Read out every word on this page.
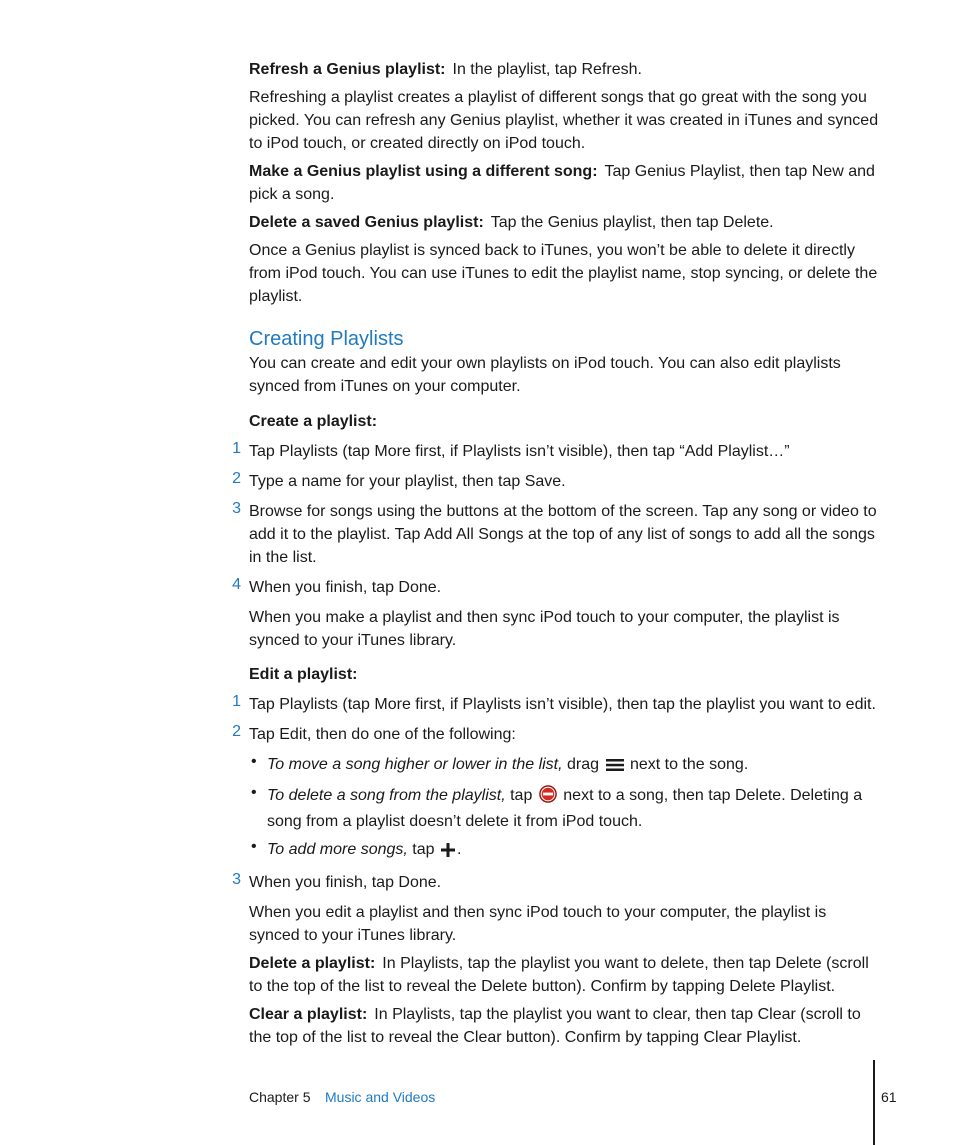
Refresh a Genius playlist: In the playlist, tap Refresh.

Refreshing a playlist creates a playlist of different songs that go great with the song you picked. You can refresh any Genius playlist, whether it was created in iTunes and synced to iPod touch, or created directly on iPod touch.

Make a Genius playlist using a different song: Tap Genius Playlist, then tap New and pick a song.

Delete a saved Genius playlist: Tap the Genius playlist, then tap Delete.

Once a Genius playlist is synced back to iTunes, you won’t be able to delete it directly from iPod touch. You can use iTunes to edit the playlist name, stop syncing, or delete the playlist.

Creating Playlists

You can create and edit your own playlists on iPod touch. You can also edit playlists synced from iTunes on your computer.

Create a playlist:

1 Tap Playlists (tap More first, if Playlists isn’t visible), then tap “Add Playlist…”

2 Type a name for your playlist, then tap Save.

3 Browse for songs using the buttons at the bottom of the screen. Tap any song or video to add it to the playlist. Tap Add All Songs at the top of any list of songs to add all the songs in the list.

4 When you finish, tap Done.

When you make a playlist and then sync iPod touch to your computer, the playlist is synced to your iTunes library.

Edit a playlist:

1 Tap Playlists (tap More first, if Playlists isn’t visible), then tap the playlist you want to edit.

2 Tap Edit, then do one of the following:

• To move a song higher or lower in the list, drag next to the song.

• To delete a song from the playlist, tap next to a song, then tap Delete. Deleting a song from a playlist doesn’t delete it from iPod touch.

• To add more songs, tap .

3 When you finish, tap Done.

When you edit a playlist and then sync iPod touch to your computer, the playlist is synced to your iTunes library.

Delete a playlist: In Playlists, tap the playlist you want to delete, then tap Delete (scroll to the top of the list to reveal the Delete button). Confirm by tapping Delete Playlist.

Clear a playlist: In Playlists, tap the playlist you want to clear, then tap Clear (scroll to the top of the list to reveal the Clear button). Confirm by tapping Clear Playlist.

Chapter 5 Music and Videos	61
